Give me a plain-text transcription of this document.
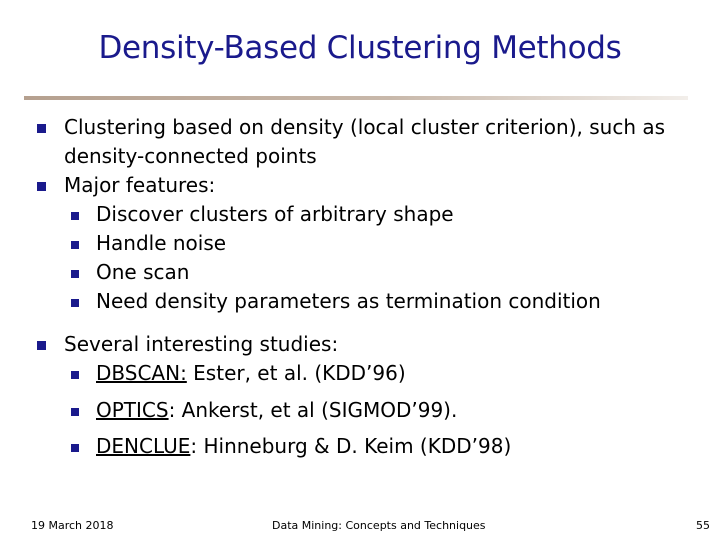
Density-Based Clustering Methods
Clustering based on density (local cluster criterion), such as
density-connected points
Major features:
Discover clusters of arbitrary shape
Handle noise
One scan
Need density parameters as termination condition
Several interesting studies:
DBSCAN: Ester, et al. (KDD’96)
OPTICS: Ankerst, et al (SIGMOD’99).
DENCLUE: Hinneburg & D. Keim (KDD’98)
19 March 2018	Data Mining: Concepts and Techniques	55
